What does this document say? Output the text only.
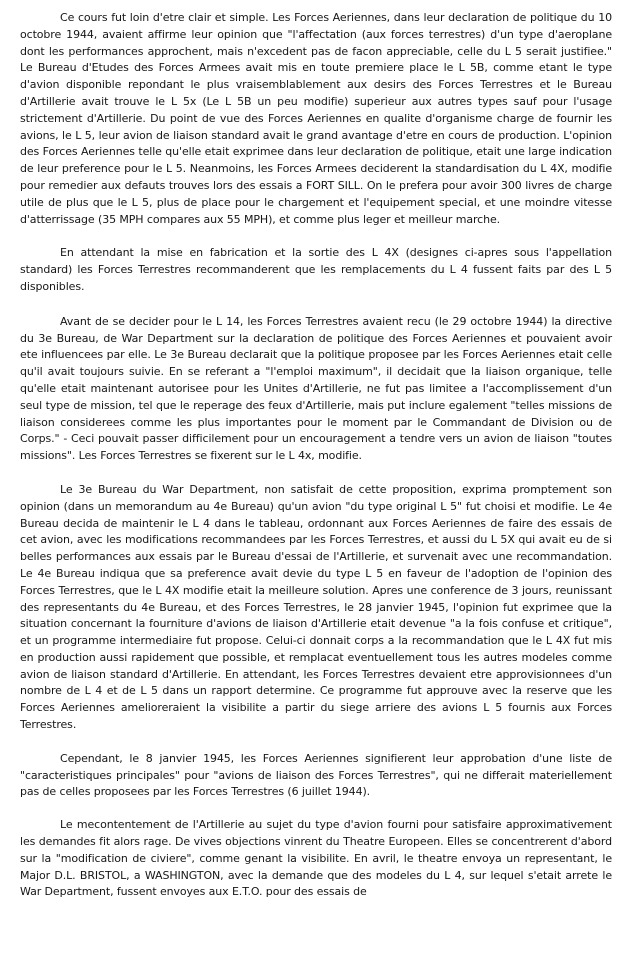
Ce cours fut loin d'etre clair et simple. Les Forces Aeriennes, dans leur declaration de politique du 10 octobre 1944, avaient affirme leur opinion que "l'affectation (aux forces terrestres) d'un type d'aeroplane dont les performances approchent, mais n'excedent pas de facon appreciable, celle du L 5 serait justifiee." Le Bureau d'Etudes des Forces Armees avait mis en toute premiere place le L 5B, comme etant le type d'avion disponible repondant le plus vraisemblablement aux desirs des Forces Terrestres et le Bureau d'Artillerie avait trouve le L 5x (Le L 5B un peu modifie) superieur aux autres types sauf pour l'usage strictement d'Artillerie. Du point de vue des Forces Aeriennes en qualite d'organisme charge de fournir les avions, le L 5, leur avion de liaison standard avait le grand avantage d'etre en cours de production. L'opinion des Forces Aeriennes telle qu'elle etait exprimee dans leur declaration de politique, etait une large indication de leur preference pour le L 5. Neanmoins, les Forces Armees deciderent la standardisation du L 4X, modifie pour remedier aux defauts trouves lors des essais a FORT SILL. On le prefera pour avoir 300 livres de charge utile de plus que le L 5, plus de place pour le chargement et l'equipement special, et une moindre vitesse d'atterrissage (35 MPH compares aux 55 MPH), et comme plus leger et meilleur marche.

En attendant la mise en fabrication et la sortie des L 4X (designes ci-apres sous l'appellation standard) les Forces Terrestres recommanderent que les remplacements du L 4 fussent faits par des L 5 disponibles.

Avant de se decider pour le L 14, les Forces Terrestres avaient recu (le 29 octobre 1944) la directive du 3e Bureau, de War Department sur la declaration de politique des Forces Aeriennes et pouvaient avoir ete influencees par elle. Le 3e Bureau declarait que la politique proposee par les Forces Aeriennes etait celle qu'il avait toujours suivie. En se referant a "l'emploi maximum", il decidait que la liaison organique, telle qu'elle etait maintenant autorisee pour les Unites d'Artillerie, ne fut pas limitee a l'accomplissement d'un seul type de mission, tel que le reperage des feux d'Artillerie, mais put inclure egalement "telles missions de liaison considerees comme les plus importantes pour le moment par le Commandant de Division ou de Corps." - Ceci pouvait passer difficilement pour un encouragement a tendre vers un avion de liaison "toutes missions". Les Forces Terrestres se fixerent sur le L 4x, modifie.

Le 3e Bureau du War Department, non satisfait de cette proposition, exprima promptement son opinion (dans un memorandum au 4e Bureau) qu'un avion "du type original L 5" fut choisi et modifie. Le 4e Bureau decida de maintenir le L 4 dans le tableau, ordonnant aux Forces Aeriennes de faire des essais de cet avion, avec les modifications recommandees par les Forces Terrestres, et aussi du L 5X qui avait eu de si belles performances aux essais par le Bureau d'essai de l'Artillerie, et survenait avec une recommandation. Le 4e Bureau indiqua que sa preference avait devie du type L 5 en faveur de l'adoption de l'opinion des Forces Terrestres, que le L 4X modifie etait la meilleure solution. Apres une conference de 3 jours, reunissant des representants du 4e Bureau, et des Forces Terrestres, le 28 janvier 1945, l'opinion fut exprimee que la situation concernant la fourniture d'avions de liaison d'Artillerie etait devenue "a la fois confuse et critique", et un programme intermediaire fut propose. Celui-ci donnait corps a la recommandation que le L 4X fut mis en production aussi rapidement que possible, et remplacat eventuellement tous les autres modeles comme avion de liaison standard d'Artillerie. En attendant, les Forces Terrestres devaient etre approvisionnees d'un nombre de L 4 et de L 5 dans un rapport determine. Ce programme fut approuve avec la reserve que les Forces Aeriennes amelioreraient la visibilite a partir du siege arriere des avions L 5 fournis aux Forces Terrestres.

Cependant, le 8 janvier 1945, les Forces Aeriennes signifierent leur approbation d'une liste de "caracteristiques principales" pour "avions de liaison des Forces Terrestres", qui ne differait materiellement pas de celles proposees par les Forces Terrestres (6 juillet 1944).

Le mecontentement de l'Artillerie au sujet du type d'avion fourni pour satisfaire approximativement les demandes fit alors rage. De vives objections vinrent du Theatre Europeen. Elles se concentrerent d'abord sur la "modification de civiere", comme genant la visibilite. En avril, le theatre envoya un representant, le Major D.L. BRISTOL, a WASHINGTON, avec la demande que des modeles du L 4, sur lequel s'etait arrete le War Department, fussent envoyes aux E.T.O. pour des essais de
